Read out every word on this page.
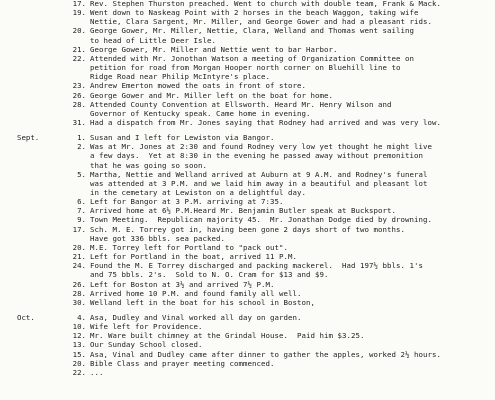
17. Rev. Stephen Thurston preached. Went to church with double team, Frank & Mack.
19. Went down to Naskeag Point with 2 horses in the beach Waggon, taking wife
Nettie, Clara Sargent, Mr. Miller, and George Gower and had a pleasant rids.
20. George Gower, Mr. Miller, Nettie, Clara, Welland and Thomas went sailing
to head of Little Deer Isle.
21. George Gower, Mr. Miller and Nettie went to bar Harbor.
22. Attended with Mr. Jonothan Watson a meeting of Organization Committee on
petition for road from Morgan Hooper north corner on Bluehill line to
Ridge Road near Philip McIntyre's place.
23. Andrew Emerton mowed the oats in front of store.
26. George Gower and Mr. Miller left on the boat for home.
28. Attended County Convention at Ellsworth. Heard Mr. Henry Wilson and
Governor of Kentucky speak. Came home in evening.
31. Had a dispatch from Mr. Jones saying that Rodney had arrived and was very low.
Sept.	1. Susan and I left for Lewiston via Bangor.
2. Was at Mr. Jones at 2:30 and found Rodney very low yet thought he might live
a few days.  Yet at 8:30 in the evening he passed away without premonition
that he was going so soon.
5. Martha, Nettie and Welland arrived at Auburn at 9 A.M. and Rodney's funeral
was attended at 3 P.M. and we laid him away in a beautiful and pleasant lot
in the cemetary at Lewiston on a delightful day.
6. Left for Bangor at 3 P.M. arriving at 7:35.
7. Arrived home at 6½ P.M.Heard Mr. Benjamin Butler speak at Bucksport.
9. Town Meeting.  Republican majority 45.  Mr. Jonathan Dodge died by drowning.
17. Sch. M. E. Torrey got in, having been gone 2 days short of two months.
Have got 336 bbls. sea packed.
20. M.E. Torrey left for Portland to "pack out".
21. Left for Portland in the boat, arrived 11 P.M.
24. Found the M. E Torrey discharged and packing mackerel.  Had 197½ bbls. 1's
and 75 bbls. 2's.  Sold to N. O. Cram for $13 and $9.
26. Left for Boston at 3½ and arrived 7½ P.M.
28. Arrived home 10 P.M. and found family all well.
30. Welland left in the boat for his school in Boston,
Oct.	4. Asa, Dudley and Vinal worked all day on garden.
10. Wife left for Providence.
12. Mr. Ware built chimney at the Grindal House.  Paid him $3.25.
13. Our Sunday School closed.
15. Asa, Vinal and Dudley came after dinner to gather the apples, worked 2½ hours.
20. Bible Class and prayer meeting commenced.
22. ...
